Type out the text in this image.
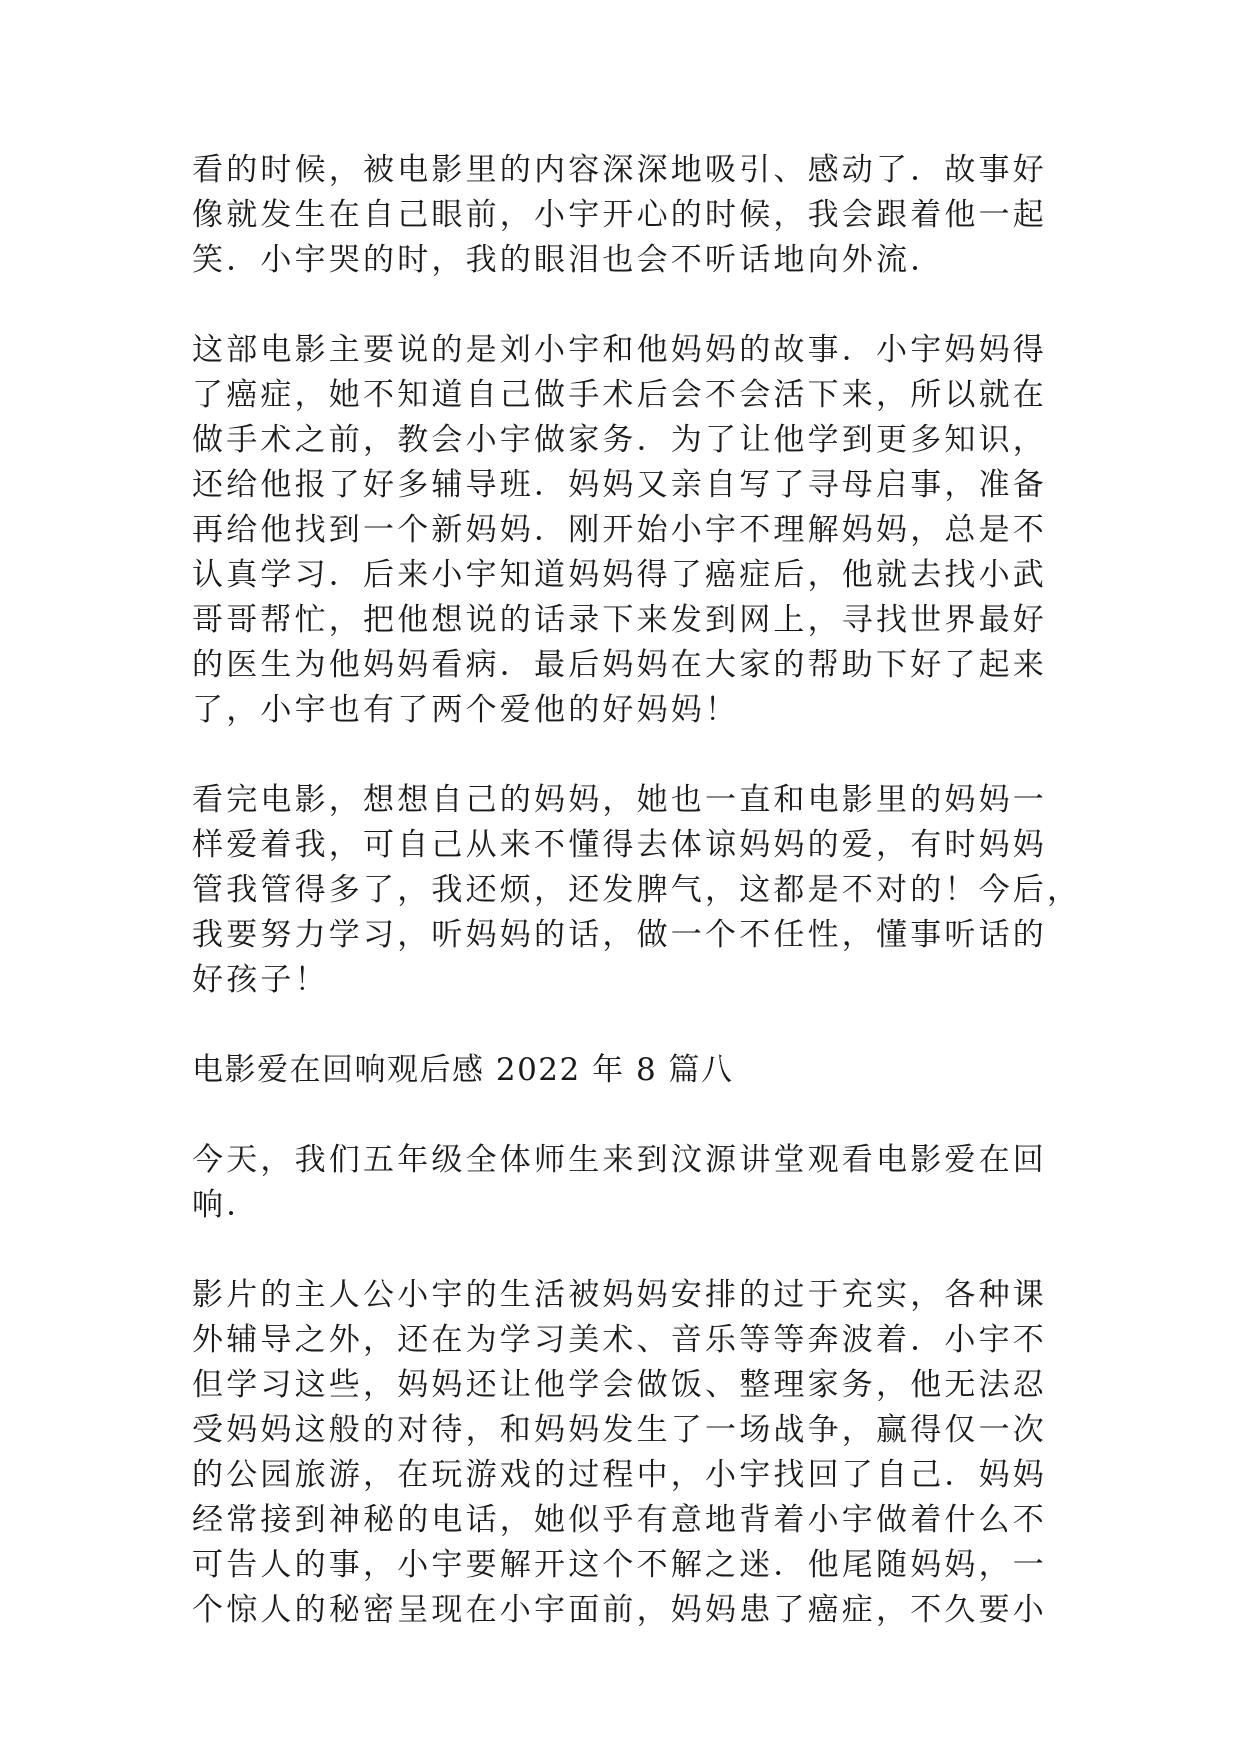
看的时候，被电影里的内容深深地吸引、感动了．故事好
像就发生在自己眼前，小宇开心的时候，我会跟着他一起
笑．小宇哭的时，我的眼泪也会不听话地向外流．
这部电影主要说的是刘小宇和他妈妈的故事．小宇妈妈得
了癌症，她不知道自己做手术后会不会活下来，所以就在
做手术之前，教会小宇做家务．为了让他学到更多知识，
还给他报了好多辅导班．妈妈又亲自写了寻母启事，准备
再给他找到一个新妈妈．刚开始小宇不理解妈妈，总是不
认真学习．后来小宇知道妈妈得了癌症后，他就去找小武
哥哥帮忙，把他想说的话录下来发到网上，寻找世界最好
的医生为他妈妈看病．最后妈妈在大家的帮助下好了起来
了，小宇也有了两个爱他的好妈妈！
看完电影，想想自己的妈妈，她也一直和电影里的妈妈一
样爱着我，可自己从来不懂得去体谅妈妈的爱，有时妈妈
管我管得多了，我还烦，还发脾气，这都是不对的！今后，
我要努力学习，听妈妈的话，做一个不任性，懂事听话的
好孩子！
电影爱在回响观后感 2022 年 8 篇八
今天，我们五年级全体师生来到汶源讲堂观看电影爱在回
响．
影片的主人公小宇的生活被妈妈安排的过于充实，各种课
外辅导之外，还在为学习美术、音乐等等奔波着．小宇不
但学习这些，妈妈还让他学会做饭、整理家务，他无法忍
受妈妈这般的对待，和妈妈发生了一场战争，赢得仅一次
的公园旅游，在玩游戏的过程中，小宇找回了自己．妈妈
经常接到神秘的电话，她似乎有意地背着小宇做着什么不
可告人的事，小宇要解开这个不解之迷．他尾随妈妈，一
个惊人的秘密呈现在小宇面前，妈妈患了癌症，不久要小
